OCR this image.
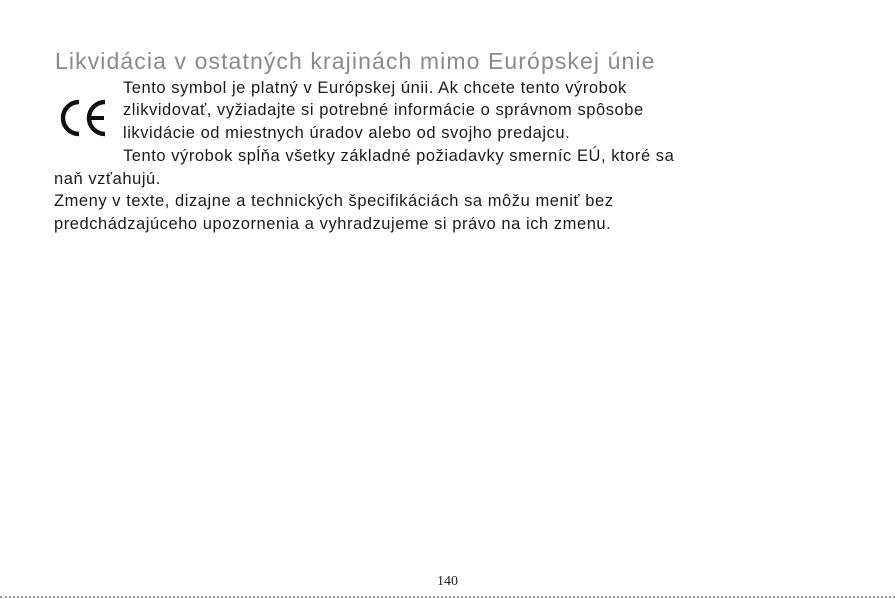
Likvidácia v ostatných krajinách mimo Európskej únie
Tento symbol je platný v Európskej únii. Ak chcete tento výrobok
zlikvidovať, vyžiadajte si potrebné informácie o správnom spôsobe
likvidácie od miestnych úradov alebo od svojho predajcu.
Tento výrobok spĺňa všetky základné požiadavky smerníc EÚ, ktoré sa
naň vzťahujú.
Zmeny v texte, dizajne a technických špecifikáciách sa môžu meniť bez
predchádzajúceho upozornenia a vyhradzujeme si právo na ich zmenu.
140
